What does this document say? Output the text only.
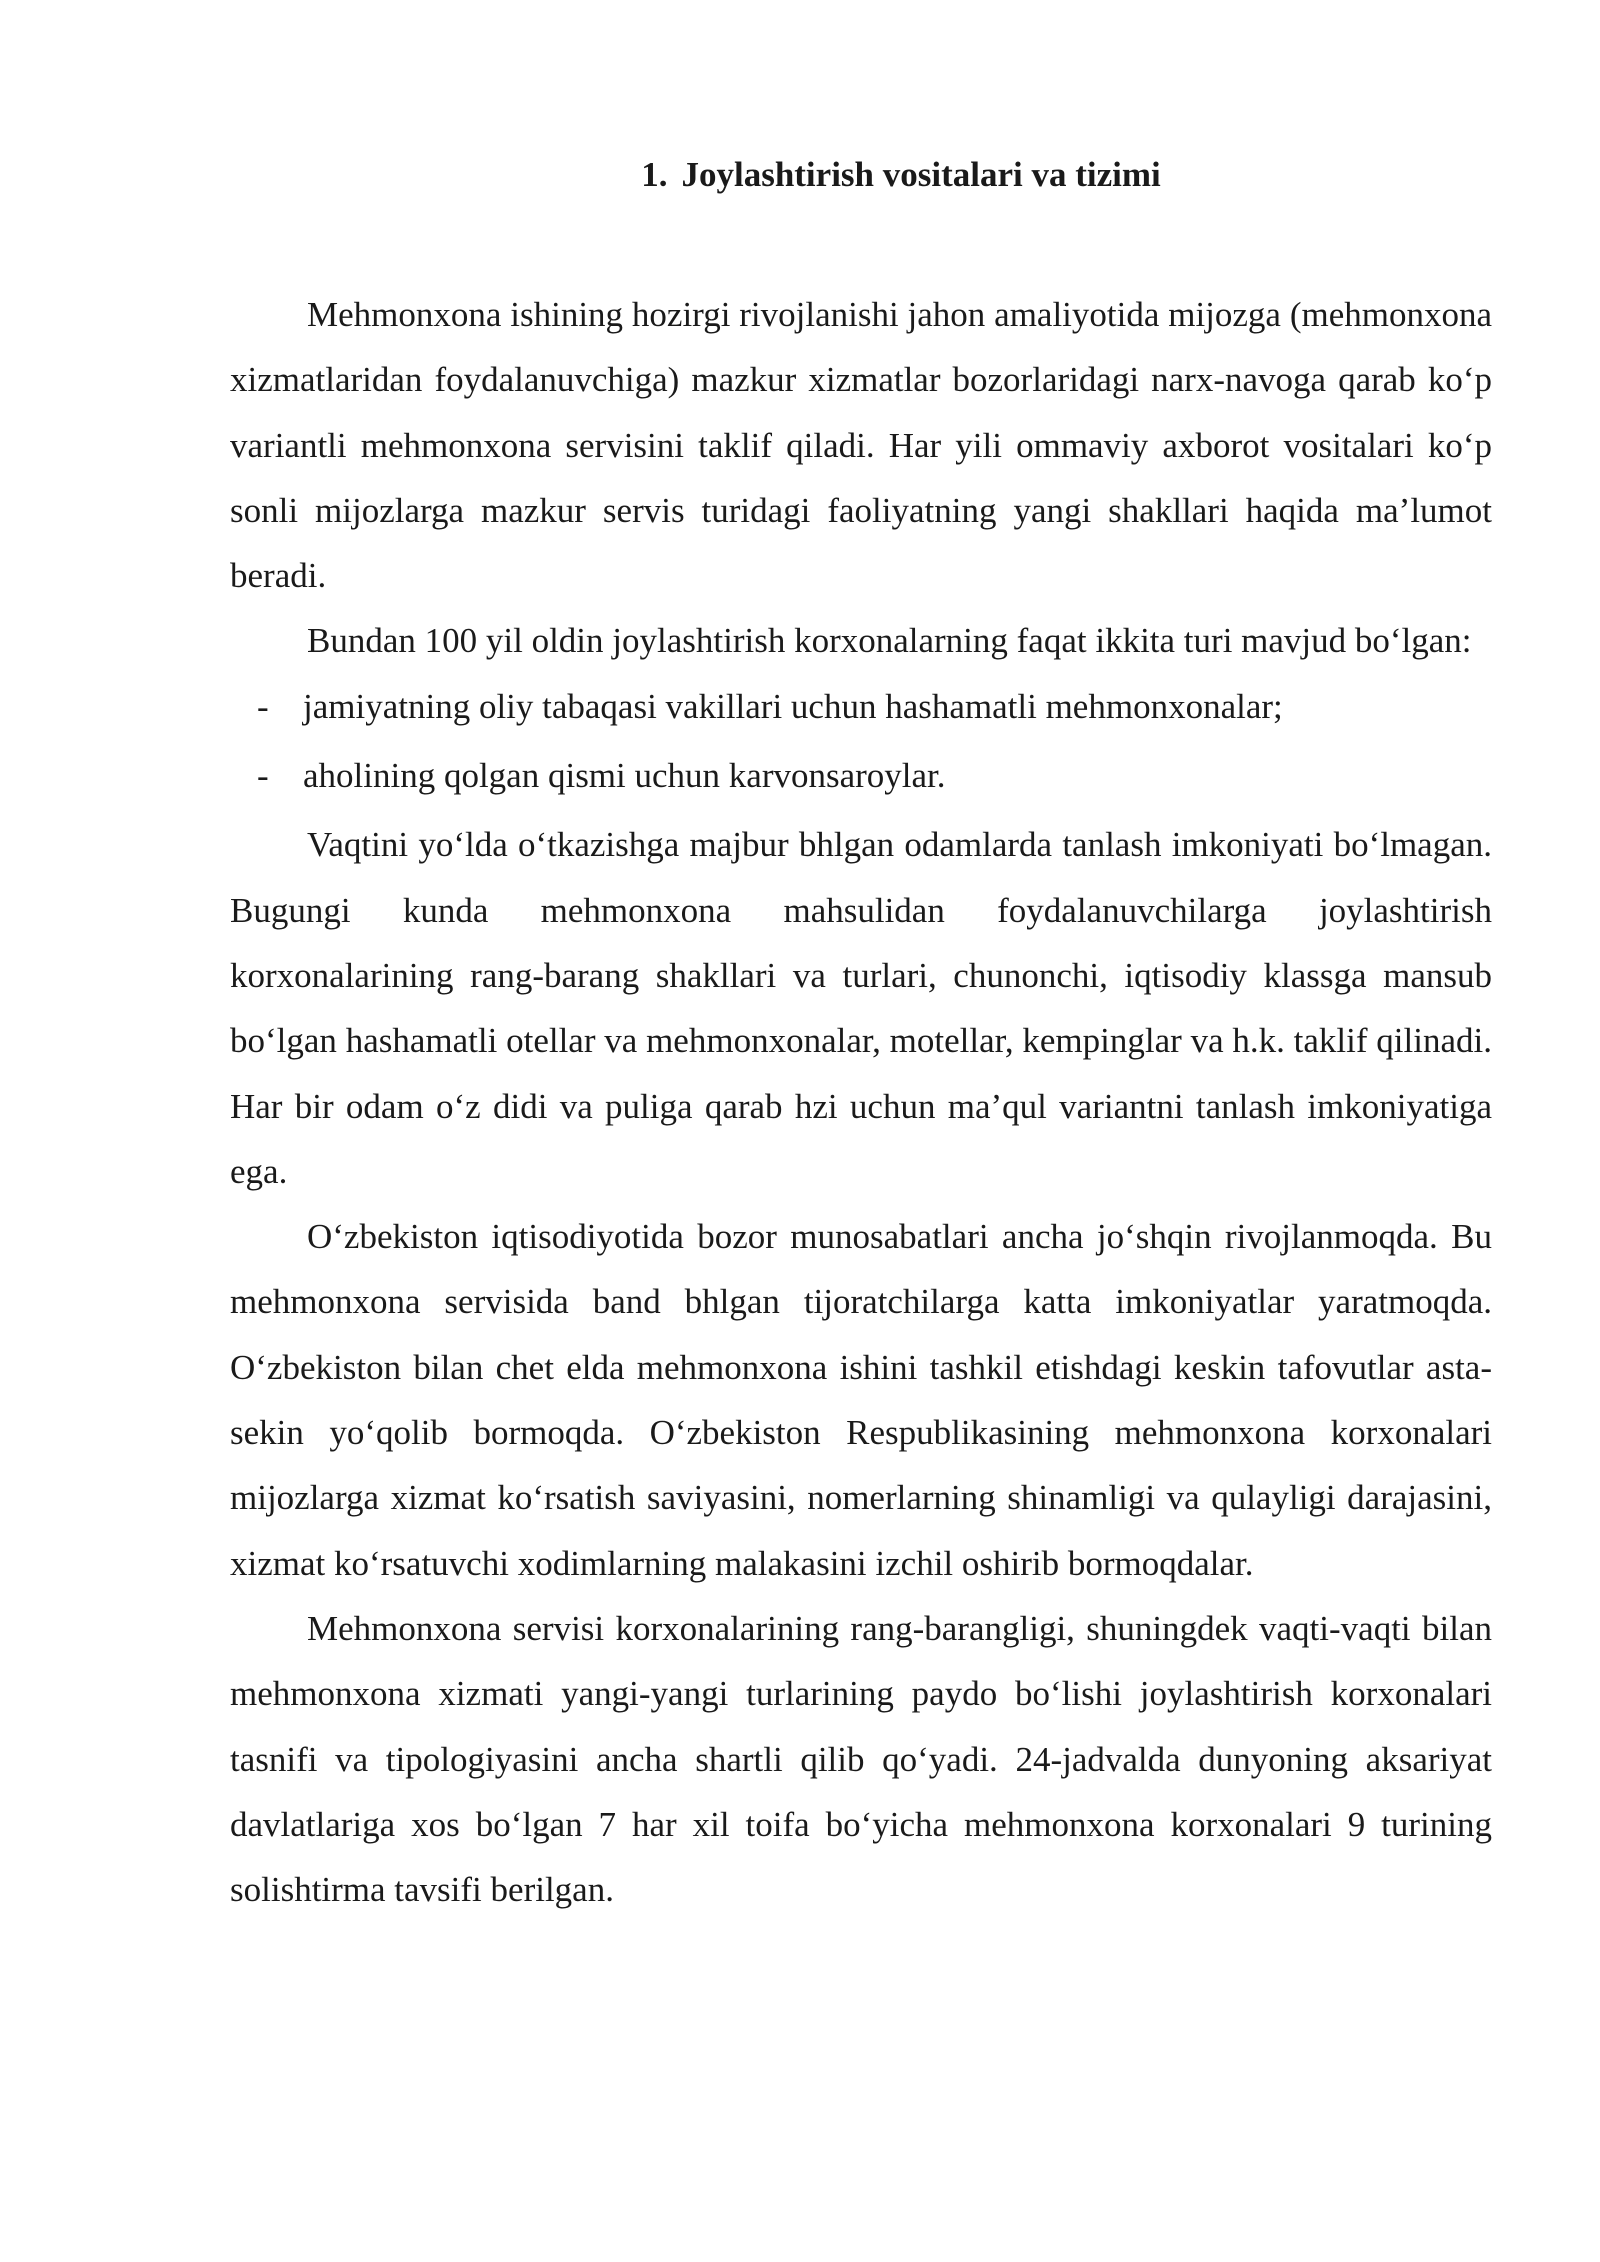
1. Joylashtirish vositalari va tizimi

Mehmonxona ishining hozirgi rivojlanishi jahon amaliyotida mijozga (mehmonxona xizmatlaridan foydalanuvchiga) mazkur xizmatlar bozorlaridagi narx-navoga qarab ko‘p variantli mehmonxona servisini taklif qiladi. Har yili ommaviy axborot vositalari ko‘p sonli mijozlarga mazkur servis turidagi faoliyatning yangi shakllari haqida ma’lumot beradi.

Bundan 100 yil oldin joylashtirish korxonalarning faqat ikkita turi mavjud bo‘lgan:

- jamiyatning oliy tabaqasi vakillari uchun hashamatli mehmonxonalar;
- aholining qolgan qismi uchun karvonsaroylar.

Vaqtini yo‘lda o‘tkazishga majbur bhlgan odamlarda tanlash imkoniyati bo‘lmagan. Bugungi kunda mehmonxona mahsulidan foydalanuvchilarga joylashtirish korxonalarining rang-barang shakllari va turlari, chunonchi, iqtisodiy klassga mansub bo‘lgan hashamatli otellar va mehmonxonalar, motellar, kempinglar va h.k. taklif qilinadi. Har bir odam o‘z didi va puliga qarab hzi uchun ma’qul variantni tanlash imkoniyatiga ega.

O‘zbekiston iqtisodiyotida bozor munosabatlari ancha jo‘shqin rivojlanmoqda. Bu mehmonxona servisida band bhlgan tijoratchilarga katta imkoniyatlar yaratmoqda. O‘zbekiston bilan chet elda mehmonxona ishini tashkil etishdagi keskin tafovutlar asta-sekin yo‘qolib bormoqda. O‘zbekiston Respublikasining mehmonxona korxonalari mijozlarga xizmat ko‘rsatish saviyasini, nomerlarning shinamligi va qulayligi darajasini, xizmat ko‘rsatuvchi xodimlarning malakasini izchil oshirib bormoqdalar.

Mehmonxona servisi korxonalarining rang-barangligi, shuningdek vaqti-vaqti bilan mehmonxona xizmati yangi-yangi turlarining paydo bo‘lishi joylashtirish korxonalari tasnifi va tipologiyasini ancha shartli qilib qo‘yadi. 24-jadvalda dunyoning aksariyat davlatlariga xos bo‘lgan 7 har xil toifa bo‘yicha mehmonxona korxonalari 9 turining solishtirma tavsifi berilgan.
